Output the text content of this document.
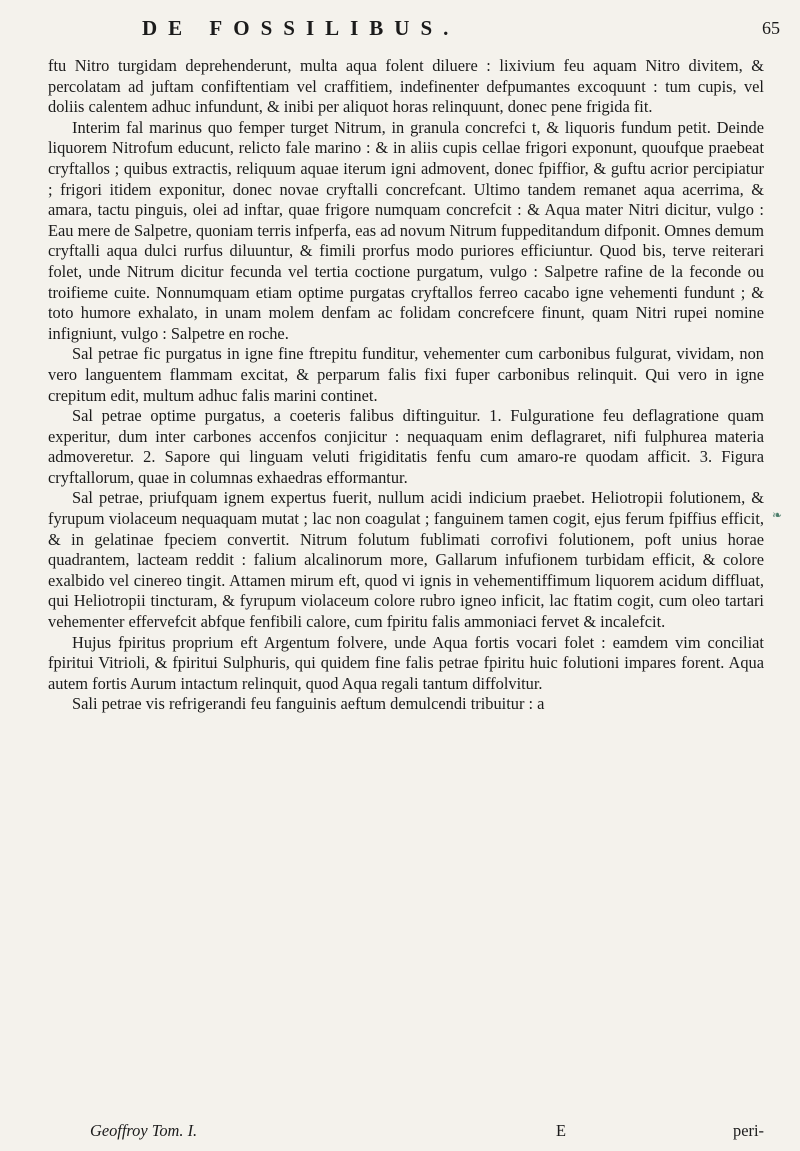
DE FOSSILIBUS.	65

ftu Nitro turgidam deprehenderunt, multa aqua folent diluere : lixivium feu aquam Nitro divitem, & percolatam ad juftam confiftentiam vel craffitiem, indefinenter defpumantes excoquunt : tum cupis, vel doliis calentem adhuc infundunt, & inibi per aliquot horas relinquunt, donec pene frigida fit.

Interim fal marinus quo femper turget Nitrum, in granula concrefci t, & liquoris fundum petit. Deinde liquorem Nitrofum educunt, relicto fale marino : & in aliis cupis cellae frigori exponunt, quoufque praebeat cryftallos ; quibus extractis, reliquum aquae iterum igni admovent, donec fpiffior, & guftu acrior percipiatur ; frigori itidem exponitur, donec novae cryftalli concrefcant. Ultimo tandem remanet aqua acerrima, & amara, tactu pinguis, olei ad inftar, quae frigore numquam concrefcit : & Aqua mater Nitri dicitur, vulgo : Eau mere de Salpetre, quoniam terris infperfa, eas ad novum Nitrum fuppeditandum difponit. Omnes demum cryftalli aqua dulci rurfus diluuntur, & fimili prorfus modo puriores efficiuntur. Quod bis, terve reiterari folet, unde Nitrum dicitur fecunda vel tertia coctione purgatum, vulgo : Salpetre rafine de la feconde ou troifieme cuite. Nonnumquam etiam optime purgatas cryftallos ferreo cacabo igne vehementi fundunt ; & toto humore exhalato, in unam molem denfam ac folidam concrefcere finunt, quam Nitri rupei nomine infigniunt, vulgo : Salpetre en roche.

Sal petrae fic purgatus in igne fine ftrepitu funditur, vehementer cum carbonibus fulgurat, vividam, non vero languentem flammam excitat, & perparum falis fixi fuper carbonibus relinquit. Qui vero in igne crepitum edit, multum adhuc falis marini continet.

Sal petrae optime purgatus, a coeteris falibus diftinguitur. 1. Fulguratione feu deflagratione quam experitur, dum inter carbones accenfos conjicitur : nequaquam enim deflagraret, nifi fulphurea materia admoveretur. 2. Sapore qui linguam veluti frigiditatis fenfu cum amaro-re quodam afficit. 3. Figura cryftallorum, quae in columnas exhaedras efformantur.

Sal petrae, priufquam ignem expertus fuerit, nullum acidi indicium praebet. Heliotropii folutionem, & fyrupum violaceum nequaquam mutat ; lac non coagulat ; fanguinem tamen cogit, ejus ferum fpiffius efficit, & in gelatinae fpeciem convertit. Nitrum folutum fublimati corrofivi folutionem, poft unius horae quadrantem, lacteam reddit : falium alcalinorum more, Gallarum infufionem turbidam efficit, & colore exalbido vel cinereo tingit. Attamen mirum eft, quod vi ignis in vehementiffimum liquorem acidum diffluat, qui Heliotropii tincturam, & fyrupum violaceum colore rubro igneo inficit, lac ftatim cogit, cum oleo tartari vehementer effervefcit abfque fenfibili calore, cum fpiritu falis ammoniaci fervet & incalefcit.

Hujus fpiritus proprium eft Argentum folvere, unde Aqua fortis vocari folet : eamdem vim conciliat fpiritui Vitrioli, & fpiritui Sulphuris, qui quidem fine falis petrae fpiritu huic folutioni impares forent. Aqua autem fortis Aurum intactum relinquit, quod Aqua regali tantum diffolvitur.

Sali petrae vis refrigerandi feu fanguinis aeftum demulcendi tribuitur : a

❧
Geoffroy Tom. I.	E	peri-
